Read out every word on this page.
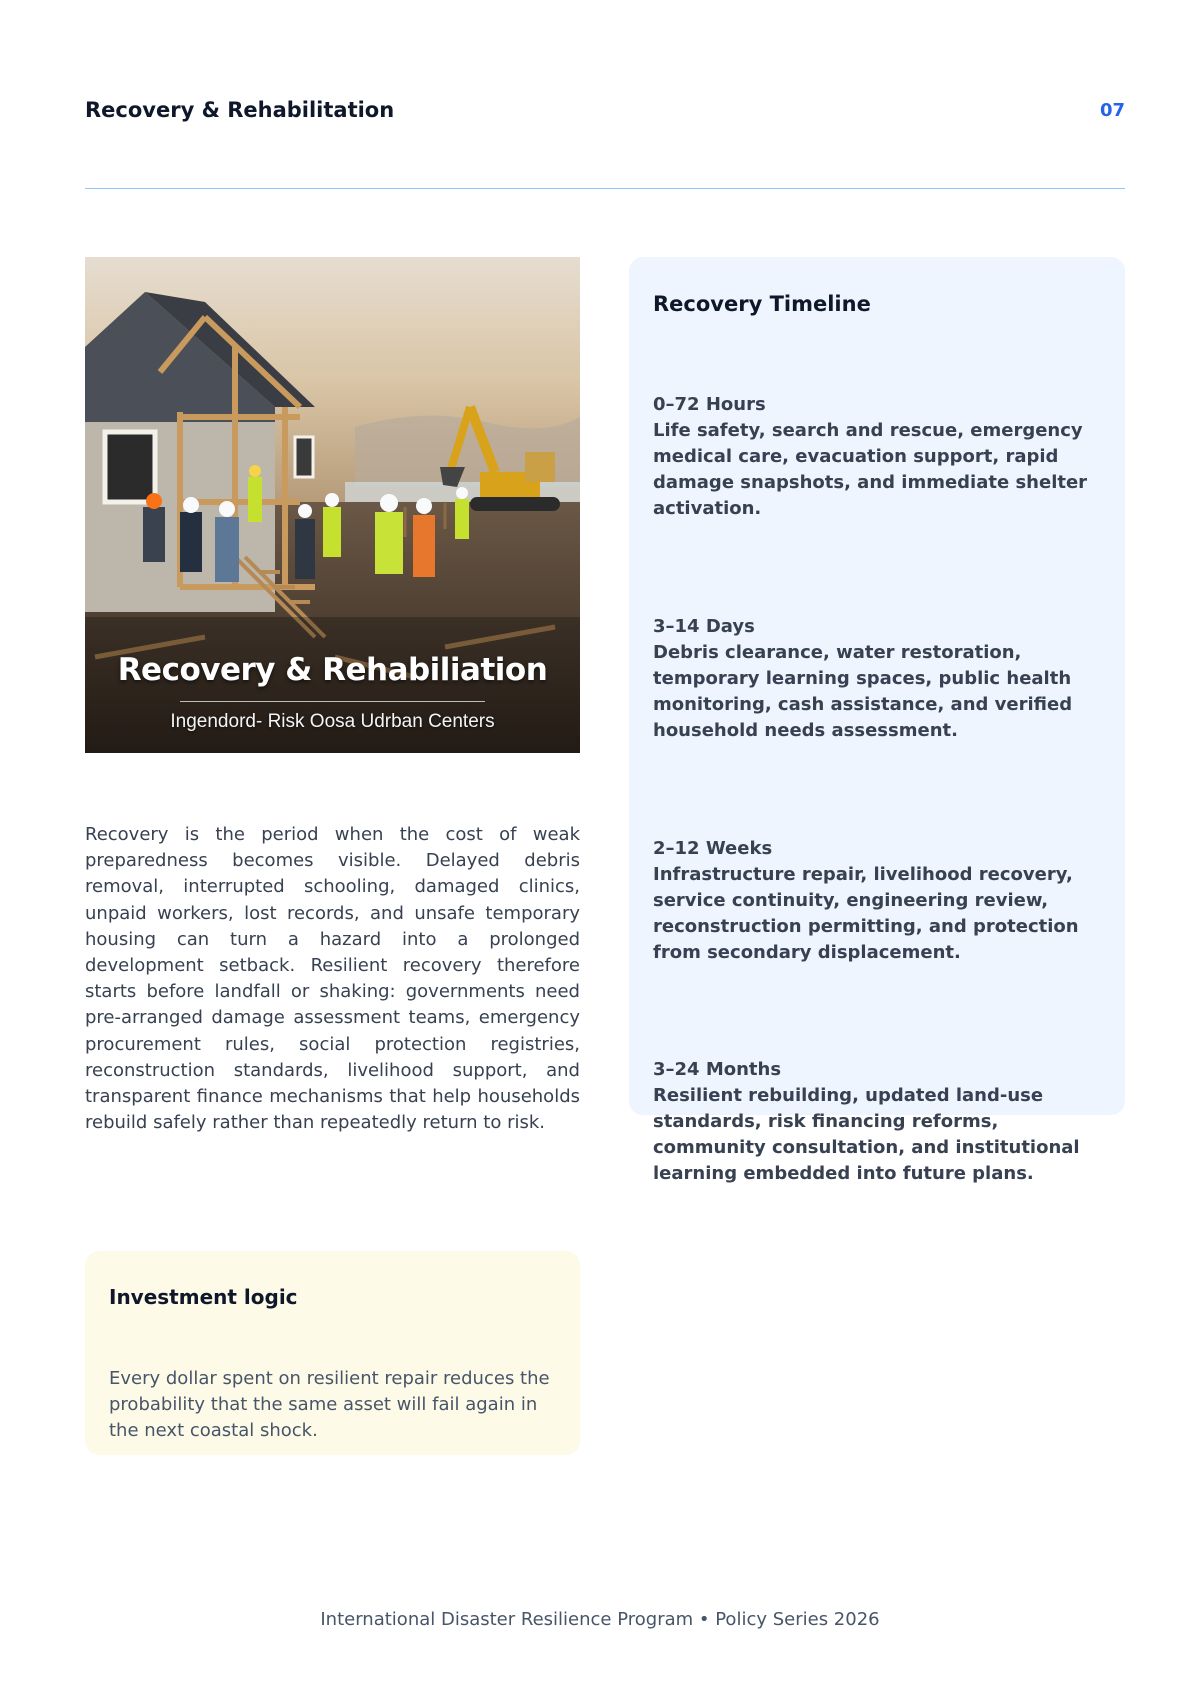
Recovery & Rehabilitation	07
Recovery & Rehabiliation
Ingendord- Risk Oosa Udrban Centers

Recovery is the period when the cost of weak preparedness becomes visible. Delayed debris removal, interrupted schooling, damaged clinics, unpaid workers, lost records, and unsafe temporary housing can turn a hazard into a prolonged development setback. Resilient recovery therefore starts before landfall or shaking: governments need pre-arranged damage assessment teams, emergency procurement rules, social protection registries, reconstruction standards, livelihood support, and transparent finance mechanisms that help households rebuild safely rather than repeatedly return to risk.

Investment logic

Every dollar spent on resilient repair reduces the probability that the same asset will fail again in the next coastal shock.

Recovery Timeline
0–72 Hours
Life safety, search and rescue, emergency medical care, evacuation support, rapid damage snapshots, and immediate shelter activation.
3–14 Days
Debris clearance, water restoration, temporary learning spaces, public health monitoring, cash assistance, and verified household needs assessment.
2–12 Weeks
Infrastructure repair, livelihood recovery, service continuity, engineering review, reconstruction permitting, and protection from secondary displacement.
3–24 Months
Resilient rebuilding, updated land-use standards, risk financing reforms, community consultation, and institutional learning embedded into future plans.
International Disaster Resilience Program • Policy Series 2026
